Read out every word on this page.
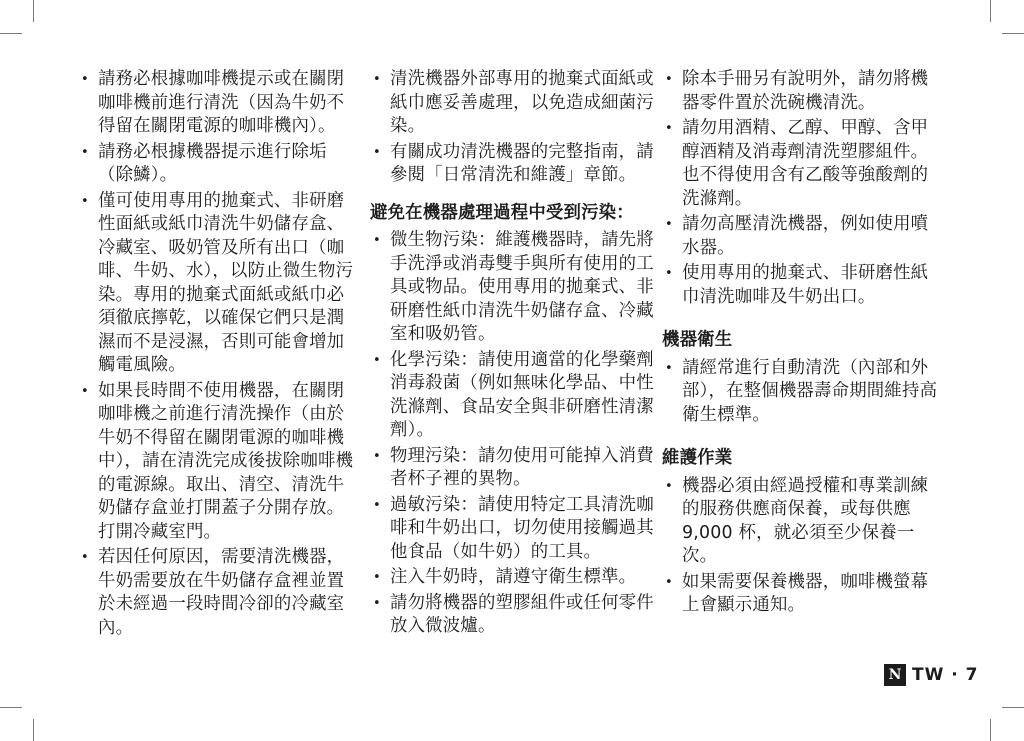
• 請務必根據咖啡機提示或在關閉咖啡機前進行清洗（因為牛奶不得留在關閉電源的咖啡機內）。
• 請務必根據機器提示進行除垢（除鱗）。
• 僅可使用專用的拋棄式、非研磨性面紙或紙巾清洗牛奶儲存盒、冷藏室、吸奶管及所有出口（咖啡、牛奶、水），以防止微生物污染。專用的拋棄式面紙或紙巾必須徹底擰乾，以確保它們只是潤濕而不是浸濕，否則可能會增加觸電風險。
• 如果長時間不使用機器，在關閉咖啡機之前進行清洗操作（由於牛奶不得留在關閉電源的咖啡機中），請在清洗完成後拔除咖啡機的電源線。取出、清空、清洗牛奶儲存盒並打開蓋子分開存放。打開冷藏室門。
• 若因任何原因，需要清洗機器，牛奶需要放在牛奶儲存盒裡並置於未經過一段時間冷卻的冷藏室內。
• 清洗機器外部專用的拋棄式面紙或紙巾應妥善處理，以免造成細菌污染。
• 有關成功清洗機器的完整指南，請參閱「日常清洗和維護」章節。
避免在機器處理過程中受到污染：
• 微生物污染：維護機器時，請先將手洗淨或消毒雙手與所有使用的工具或物品。使用專用的拋棄式、非研磨性紙巾清洗牛奶儲存盒、冷藏室和吸奶管。
• 化學污染：請使用適當的化學藥劑消毒殺菌（例如無味化學品、中性洗滌劑、食品安全與非研磨性清潔劑）。
• 物理污染：請勿使用可能掉入消費者杯子裡的異物。
• 過敏污染：請使用特定工具清洗咖啡和牛奶出口，切勿使用接觸過其他食品（如牛奶）的工具。
• 注入牛奶時，請遵守衛生標準。
• 請勿將機器的塑膠組件或任何零件放入微波爐。
• 除本手冊另有說明外，請勿將機器零件置於洗碗機清洗。
• 請勿用酒精、乙醇、甲醇、含甲醇酒精及消毒劑清洗塑膠組件。也不得使用含有乙酸等強酸劑的洗滌劑。
• 請勿高壓清洗機器，例如使用噴水器。
• 使用專用的拋棄式、非研磨性紙巾清洗咖啡及牛奶出口。
機器衛生
• 請經常進行自動清洗（內部和外部），在整個機器壽命期間維持高衛生標準。
維護作業
• 機器必須由經過授權和專業訓練的服務供應商保養，或每供應 9,000 杯，就必須至少保養一次。
• 如果需要保養機器，咖啡機螢幕上會顯示通知。
N TW · 7
